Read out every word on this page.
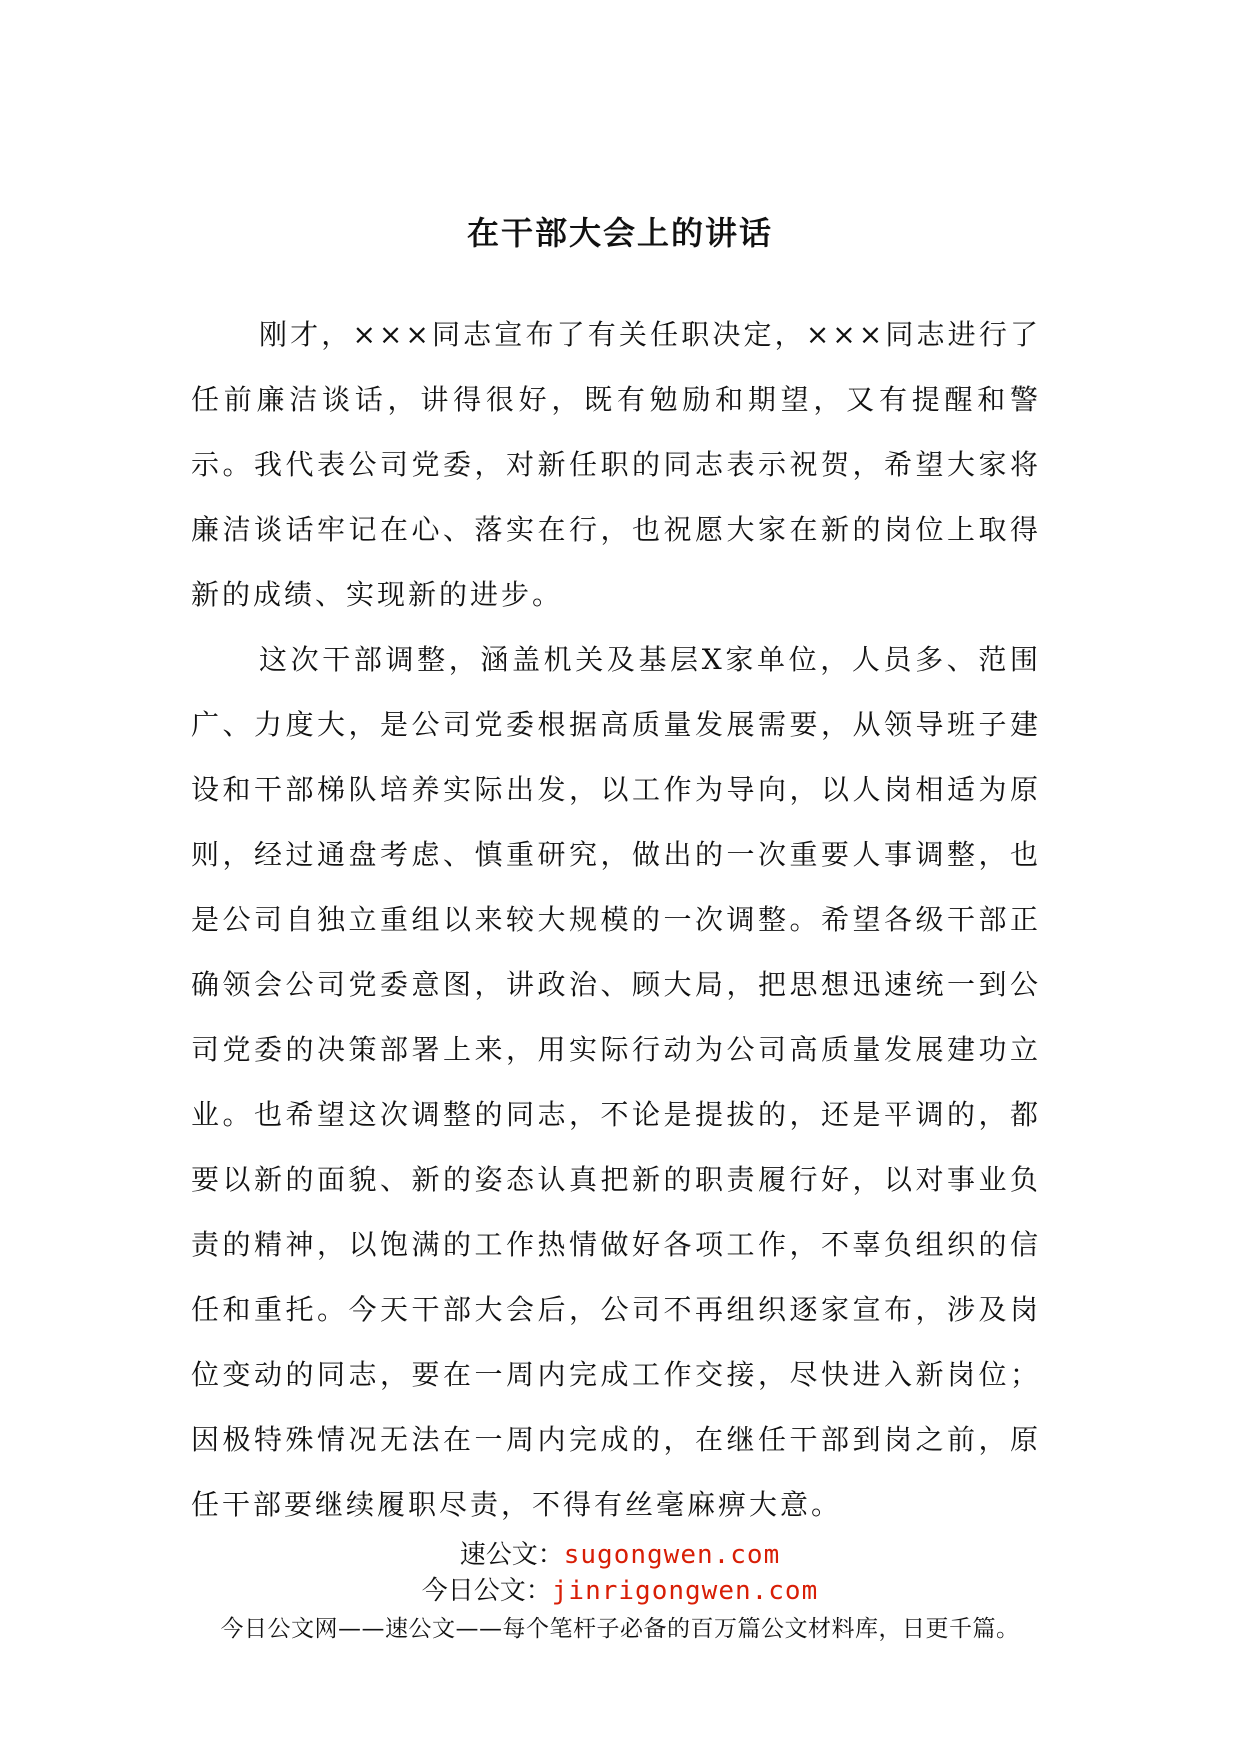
在干部大会上的讲话

刚才，×××同志宣布了有关任职决定，×××同志进行了任前廉洁谈话，讲得很好，既有勉励和期望，又有提醒和警示。我代表公司党委，对新任职的同志表示祝贺，希望大家将廉洁谈话牢记在心、落实在行，也祝愿大家在新的岗位上取得新的成绩、实现新的进步。

这次干部调整，涵盖机关及基层X家单位，人员多、范围广、力度大，是公司党委根据高质量发展需要，从领导班子建设和干部梯队培养实际出发，以工作为导向，以人岗相适为原则，经过通盘考虑、慎重研究，做出的一次重要人事调整，也是公司自独立重组以来较大规模的一次调整。希望各级干部正确领会公司党委意图，讲政治、顾大局，把思想迅速统一到公司党委的决策部署上来，用实际行动为公司高质量发展建功立业。也希望这次调整的同志，不论是提拔的，还是平调的，都要以新的面貌、新的姿态认真把新的职责履行好，以对事业负责的精神，以饱满的工作热情做好各项工作，不辜负组织的信任和重托。今天干部大会后，公司不再组织逐家宣布，涉及岗位变动的同志，要在一周内完成工作交接，尽快进入新岗位；因极特殊情况无法在一周内完成的，在继任干部到岗之前，原任干部要继续履职尽责，不得有丝毫麻痹大意。

速公文：sugongwen.com
今日公文：jinrigongwen.com
今日公文网——速公文——每个笔杆子必备的百万篇公文材料库，日更千篇。
